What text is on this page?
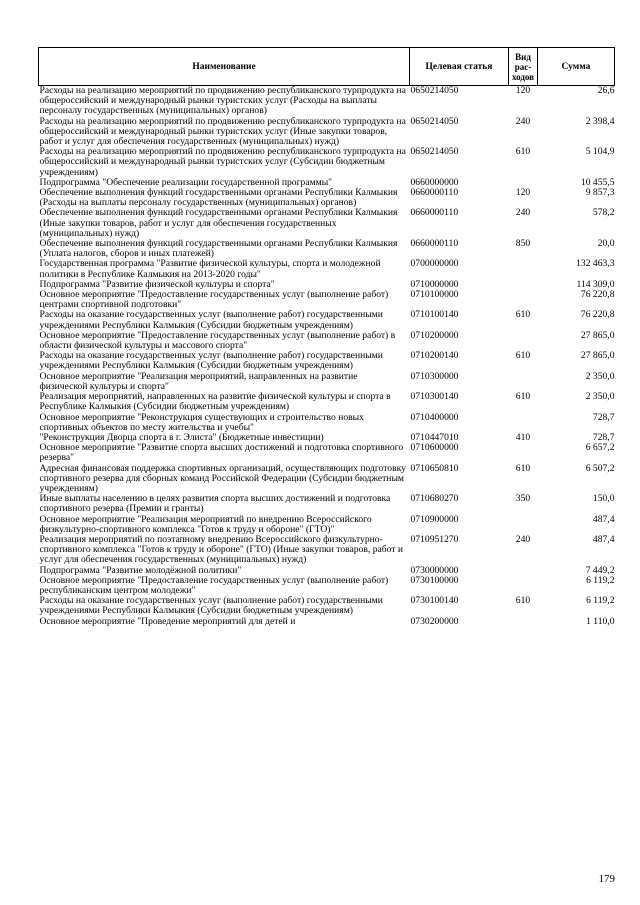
Наименование	Целевая статья	Вид рас-ходов	Сумма
Расходы на реализацию мероприятий по продвижению республиканского турпродукта на общероссийский и международный рынки туристских услуг (Расходы на выплаты персоналу государственных (муниципальных) органов)	0650214050	120	26,6
Расходы на реализацию мероприятий по продвижению республиканского турпродукта на общероссийский и международный рынки туристских услуг (Иные закупки товаров, работ и услуг для обеспечения государственных (муниципальных) нужд)	0650214050	240	2 398,4
Расходы на реализацию мероприятий по продвижению республиканского турпродукта на общероссийский и международный рынки туристских услуг (Субсидии бюджетным учреждениям)	0650214050	610	5 104,9
Подпрограмма "Обеспечение реализации государственной программы"	0660000000		10 455,5
Обеспечение выполнения функций государственными органами Республики Калмыкия (Расходы на выплаты персоналу государственных (муниципальных) органов)	0660000110	120	9 857,3
Обеспечение выполнения функций государственными органами Республики Калмыкия (Иные закупки товаров, работ и услуг для обеспечения государственных (муниципальных) нужд)	0660000110	240	578,2
Обеспечение выполнения функций государственными органами Республики Калмыкия (Уплата налогов, сборов и иных платежей)	0660000110	850	20,0
Государственная программа "Развитие физической культуры, спорта и молодежной политики в Республике Калмыкия на 2013-2020 годы"	0700000000		132 463,3
Подпрограмма "Развитие физической культуры и спорта"	0710000000		114 309,0
Основное мероприятие "Предоставление государственных услуг (выполнение работ) центрами спортивной подготовки"	0710100000		76 220,8
Расходы на оказание государственных услуг (выполнение работ) государственными учреждениями Республики Калмыкия (Субсидии бюджетным учреждениям)	0710100140	610	76 220,8
Основное мероприятие "Предоставление государственных услуг (выполнение работ) в области физической культуры и массового спорта"	0710200000		27 865,0
Расходы на оказание государственных услуг (выполнение работ) государственными учреждениями Республики Калмыкия (Субсидии бюджетным учреждениям)	0710200140	610	27 865,0
Основное мероприятие "Реализация мероприятий, направленных на развитие физической культуры и спорта"	0710300000		2 350,0
Реализация мероприятий, направленных на развитие физической культуры и спорта в Республике Калмыкия (Субсидии бюджетным учреждениям)	0710300140	610	2 350,0
Основное мероприятие "Реконструкция существующих и строительство новых спортивных объектов по месту жительства и учебы"	0710400000		728,7
"Реконструкция Дворца спорта в г. Элиста" (Бюджетные инвестиции)	0710447010	410	728,7
Основное мероприятие "Развитие спорта высших достижений и подготовка спортивного резерва"	0710600000		6 657,2
Адресная финансовая поддержка спортивных организаций, осуществляющих подготовку спортивного резерва для сборных команд Российской Федерации (Субсидии бюджетным учреждениям)	0710650810	610	6 507,2
Иные выплаты населению в целях развития спорта высших достижений и подготовка спортивного резерва (Премии и гранты)	0710680270	350	150,0
Основное мероприятие "Реализация мероприятий по внедрению Всероссийского физкультурно-спортивного комплекса "Готов к труду и обороне" (ГТО)"	0710900000		487,4
Реализация мероприятий по поэтапному внедрению Всероссийского физкультурно-спортивного комплекса "Готов к труду и обороне" (ГТО) (Иные закупки товаров, работ и услуг для обеспечения государственных (муниципальных) нужд)	0710951270	240	487,4
Подпрограмма "Развитие молодёжной политики"	0730000000		7 449,2
Основное мероприятие "Предоставление государственных услуг (выполнение работ) республиканским центром молодежи"	0730100000		6 119,2
Расходы на оказание государственных услуг (выполнение работ) государственными учреждениями Республики Калмыкия (Субсидии бюджетным учреждениям)	0730100140	610	6 119,2
Основное мероприятие "Проведение мероприятий для детей и	0730200000		1 110,0
179
